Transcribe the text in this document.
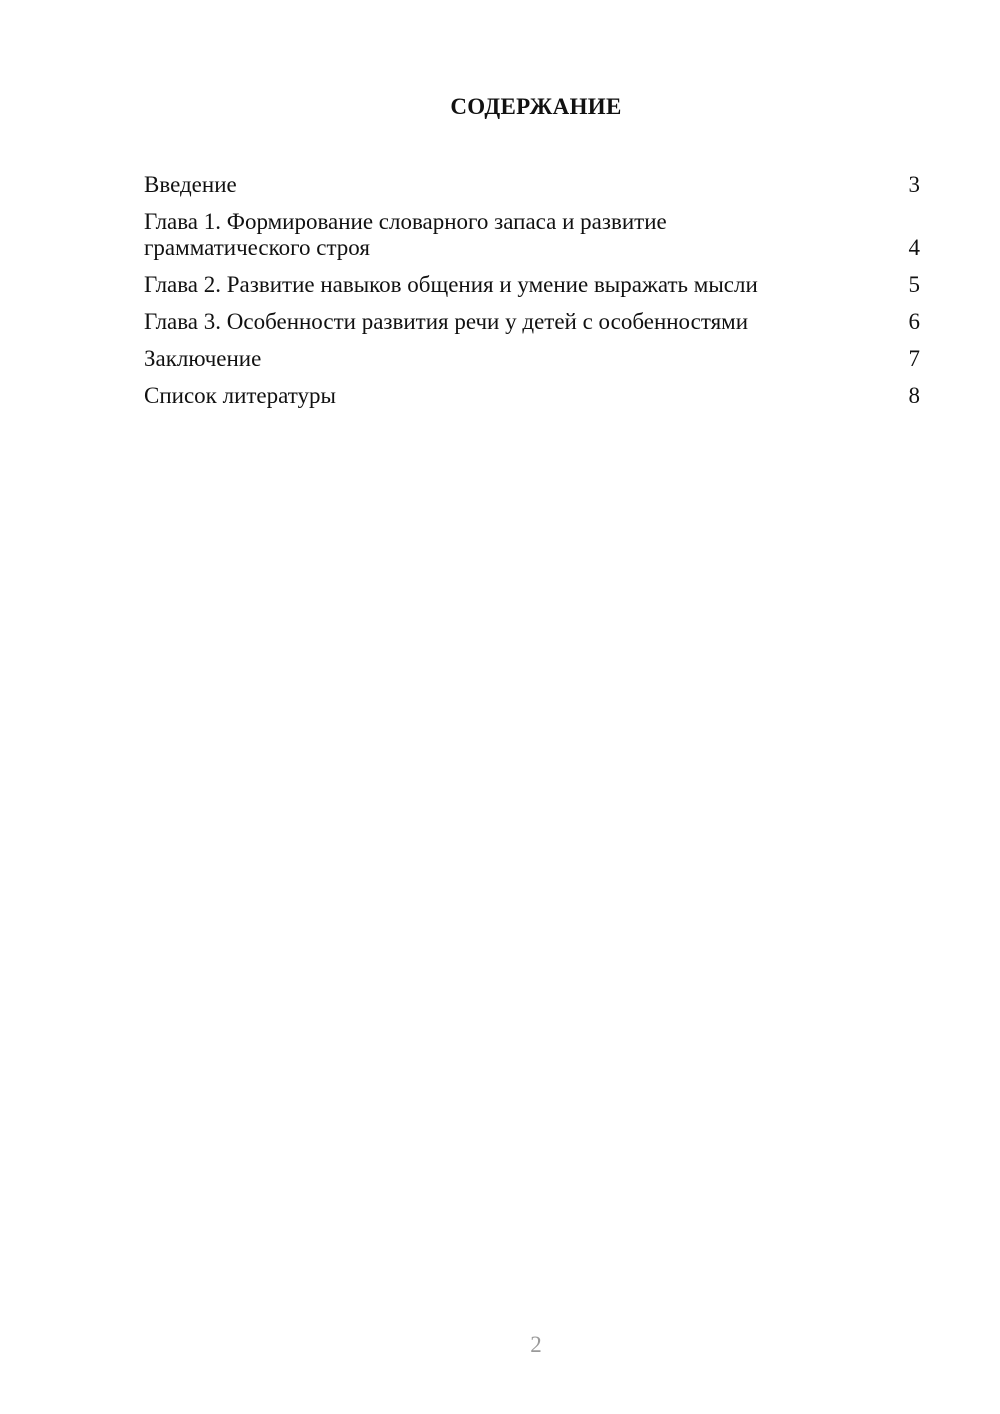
СОДЕРЖАНИЕ
Введение	3
Глава 1. Формирование словарного запаса и развитие грамматического строя	4
Глава 2. Развитие навыков общения и умение выражать мысли	5
Глава 3. Особенности развития речи у детей с особенностями	6
Заключение	7
Список литературы	8

2
